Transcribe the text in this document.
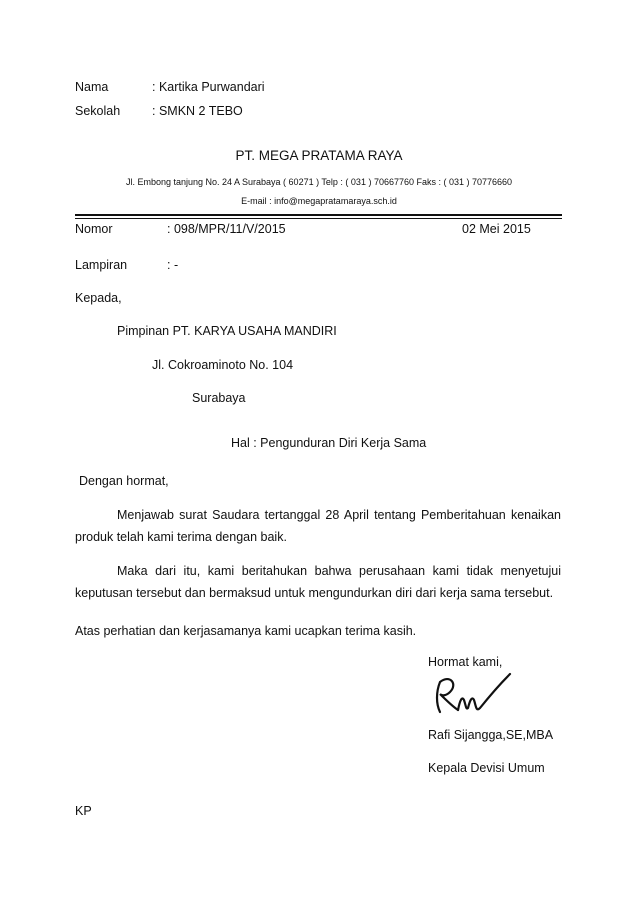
Nama	: Kartika Purwandari
Sekolah	: SMKN 2 TEBO
PT. MEGA PRATAMA RAYA
Jl. Embong tanjung No. 24 A Surabaya ( 60271 ) Telp : ( 031 ) 70667760 Faks : ( 031 ) 70776660
E-mail : info@megapratamaraya.sch.id
Nomor	: 098/MPR/11/V/2015	02 Mei 2015
Lampiran	: -
Kepada,
Pimpinan PT. KARYA USAHA MANDIRI
Jl. Cokroaminoto No. 104
Surabaya
Hal : Pengunduran Diri Kerja Sama
Dengan hormat,

Menjawab surat Saudara tertanggal 28 April tentang Pemberitahuan kenaikan produk telah kami terima dengan baik.

Maka dari itu, kami beritahukan bahwa perusahaan kami tidak menyetujui keputusan tersebut dan bermaksud untuk mengundurkan diri dari kerja sama tersebut.

Atas perhatian dan kerjasamanya kami ucapkan terima kasih.
Hormat kami,
Rafi Sijangga,SE,MBA
Kepala Devisi Umum
KP
